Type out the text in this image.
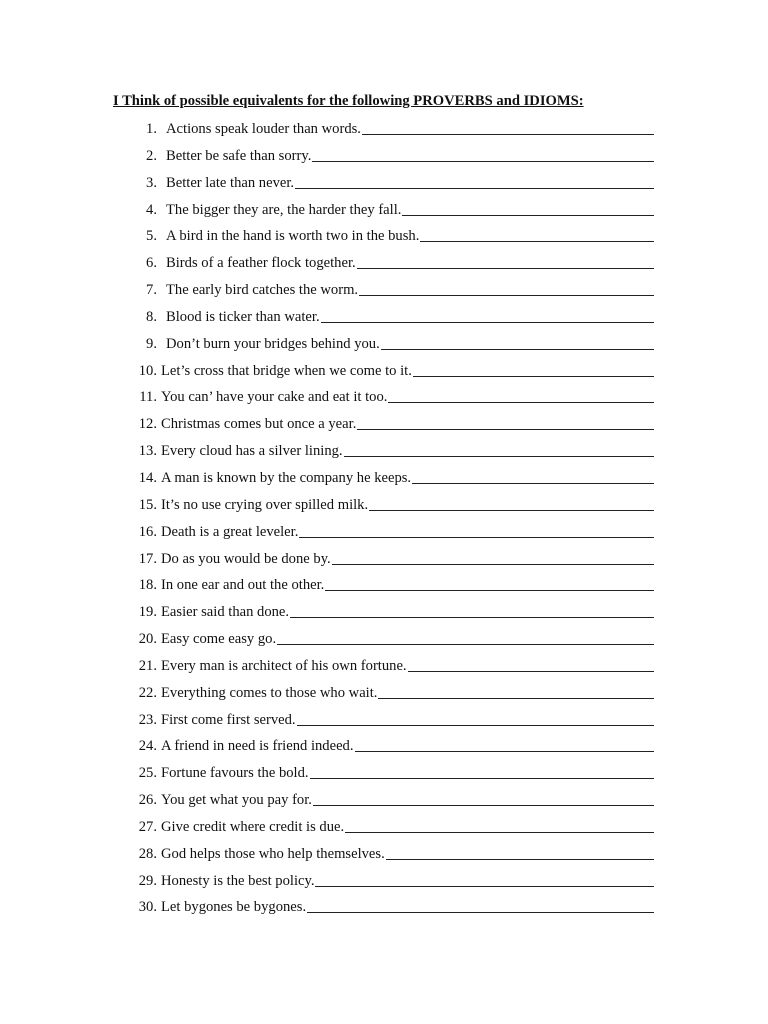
I Think of possible equivalents for the following PROVERBS and IDIOMS:
1. Actions speak louder than words.
2. Better be safe than sorry.
3. Better late than never.
4. The bigger they are, the harder they fall.
5. A bird in the hand is worth two in the bush.
6. Birds of a feather flock together.
7. The early bird catches the worm.
8. Blood is ticker than water.
9. Don’t burn your bridges behind you.
10. Let’s cross that bridge when we come to it.
11. You can’ have your cake and eat it too.
12. Christmas comes but once a year.
13. Every cloud has a silver lining.
14. A man is known by the company he keeps.
15. It’s no use crying over spilled milk.
16. Death is a great leveler.
17. Do as you would be done by.
18. In one ear and out the other.
19. Easier said than done.
20. Easy come easy go.
21. Every man is architect of his own fortune.
22. Everything comes to those who wait.
23. First come first served.
24. A friend in need is friend indeed.
25. Fortune favours the bold.
26. You get what you pay for.
27. Give credit where credit is due.
28. God helps those who help themselves.
29. Honesty is the best policy.
30. Let bygones be bygones.
